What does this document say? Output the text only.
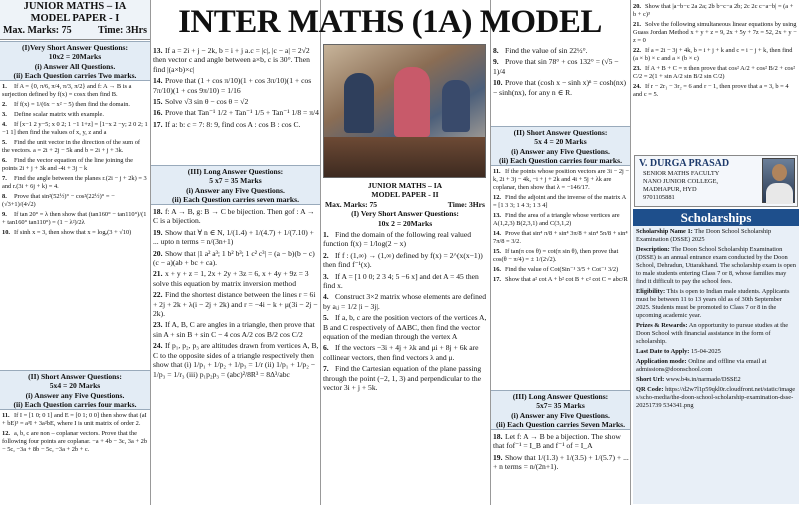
JUNIOR MATHS – IA
MODEL PAPER - I
Max. Marks: 75	Time: 3Hrs
(I)Very Short Answer Questions:
10x2 = 20Marks
(i) Answer All Questions.
(ii) Each Question carries Two marks.
1. If A = {0, π/6, π/4, π/3, π/2} and f: A → B is a surjection defined by f(x) = cosx then find B.
2. If f(x) = 1/(6x − x² − 5) then find the domain.
3. Define scalar matrix with example.
4. If [x−1 2 y−5; x 0 2; 1 −1 1+z] = [1−x 2 −y; 2 0 2; 1 −1 1] then find the values of x, y, z and a
5. Find the unit vector in the direction of the sum of the vectors. a = 2i + 2j − 5k and b = 2i + j + 3k.
6. Find the vector equation of the line joining the points 2i + j + 3k and -4i + 3j − k
7. Find the angle between the planes r.(2i − j + 2k) = 3 and r.(3i + 6j + k) = 4.
8. Prove that sin²(52½)° − cos²(22½)° = −(√3+1)/(4√2)
9. If tan 20° = λ then show that (tan160° − tan110°)/(1 + tan160° tan110°) = (1 − λ²)/2λ
10. If sinh x = 3, then show that x = logₑ(3 + √10)
(II) Short Answer Questions:
5x4 = 20 Marks
(i) Answer any Five Questions.
(ii) Each Question carries four marks.
11. If I = [1 0; 0 1] and E = [0 1; 0 0] then show that (aI + bE)³ = a³I + 3a²bE, where I is unit matrix of order 2.
12. a, b, c are non – coplanar vectors. Prove that the following four points are coplanar. −a + 4b − 3c, 3a + 2b − 5c, −3a + 8b − 5c, −3a + 2b + c.
INTER MATHS (1A) MODEL
13. If a = 2i + j − 2k, b = i + j a.c = |c|, |c − a| = 2√2 then vector c and angle between a×b, c is 30°. Then find |(a×b)×c|
14. Prove that (1 + cos π/10)(1 + cos 3π/10)(1 + cos 7π/10)(1 + cos 9π/10) = 1/16
15. Solve √3 sin θ − cos θ = √2
16. Prove that Tan⁻¹ 1/2 + Tan⁻¹ 1/5 + Tan⁻¹ 1/8 = π/4
17. If a: b: c = 7: 8: 9, find cos A : cos B : cos C.
(III) Long Answer Questions:
5 x7 = 35 Marks
(i) Answer any Five Questions.
(ii) Each Question carries seven marks.
18. f: A → B, g: B → C be bijection. Then gof : A → C is a bijection.
19. Show that ∀ n ∈ N, 1/(1.4) + 1/(4.7) + 1/(7.10) + ... upto n terms = n/(3n+1)
20. Show that |1 a² a³; 1 b² b³; 1 c² c³| = (a − b)(b − c)(c − a)(ab + bc + ca).
21. x + y + z = 1, 2x + 2y + 3z = 6, x + 4y + 9z = 3 solve this equation by matrix inversion method
22. Find the shortest distance between the lines r = 6i + 2j + 2k + λ(i − 2j + 2k) and r = −4i − k + μ(3i − 2j − 2k).
23. If A, B, C are angles in a triangle, then prove that sin A + sin B + sin C − 4 cos A/2 cos B/2 cos C/2
24. If p₁, p₂, p₃ are altitudes drawn from vertices A, B, C to the opposite sides of a triangle respectively then show that (i) 1/p₁ + 1/p₂ + 1/p₃ = 1/r (ii) 1/p₁ + 1/p₂ − 1/p₃ = 1/r₃ (iii) p₁p₂p₃ = (abc)²/8R³ = 8Δ³/abc
JUNIOR MATHS – IA
MODEL PAPER - II
Max. Marks: 75	Time: 3Hrs
(I) Very Short Answer Questions:
10x 2 = 20Marks
1. Find the domain of the following real valued function f(x) = 1/log(2 − x)
2. If f : (1,∞) → (1,∞) defined by f(x) = 2^(x(x−1)) then find f⁻¹(x).
3. If A = [1 0 0; 2 3 4; 5 −6 x] and det A = 45 then find x.
4. Construct 3×2 matrix whose elements are defined by aᵢⱼ = 1/2 |i − 3j|.
5. If a, b, c are the position vectors of the vertices A, B and C respectively of ΔABC, then find the vector equation of the median through the vertex A
6. If the vectors −3i + 4j + λk and μi + 8j + 6k are collinear vectors, then find vectors λ and μ.
7. Find the Cartesian equation of the plane passing through the point (−2, 1, 3) and perpendicular to the vector 3i + j + 5k.
8. Find the value of sin 22½°.
9. Prove that sin 78° + cos 132° = (√5 − 1)/4
10. Prove that (cosh x − sinh x)ⁿ = cosh(nx) − sinh(nx), for any n ∈ R.
(II) Short Answer Questions:
5x 4 = 20 Marks
(i) Answer any Five Questions.
(ii) Each Question carries four marks.
11. If the points whose position vectors are 3i − 2j − k, 2i + 3j − 4k, −i + j + 2k and 4i + 5j + λk are coplanar, then show that λ = −146/17.
12. Find the adjoint and the inverse of the matrix A = [1 3 3; 1 4 3; 1 3 4]
13. Find the area of a triangle whose vertices are A(1,2,3) B(2,3,1) and C(3,1,2)
14. Prove that sin⁴ π/8 + sin⁴ 3π/8 + sin⁴ 5π/8 + sin⁴ 7π/8 = 3/2.
15. If tan(π cos θ) = cot(π sin θ), then prove that cos(θ − π/4) = ± 1/(2√2).
16. Find the value of Cot(Sin⁻¹ 3/5 + Cot⁻¹ 3/2)
17. Show that a² cot A + b² cot B + c² cot C = abc/R
(III) Long Answer Questions:
5x7= 35 Marks
(i) Answer any Five Questions.
(ii) Each Question carries Seven Marks.
18. Let f: A → B be a bijection. The show that fof⁻¹ = I_B and f⁻¹ of = I_A
19. Show that 1/(1.3) + 1/(3.5) + 1/(5.7) + ... + n terms = n/(2n+1).
20. Show that |a−b−c 2a 2a; 2b b−c−a 2b; 2c 2c c−a−b| = (a + b + c)³
21. Solve the following simultaneous linear equations by using Guass Jordan Method x + y + z = 9, 2x + 5y + 7z = 52, 2x + y − z = 0
22. If a = 2i − 3j + 4k, b = i + j + k and c = i − j + k, then find (a × b) × c and a × (b × c)
23. If A + B + C = π then prove that cos² A/2 + cos² B/2 + cos² C/2 = 2(1 + sin A/2 sin B/2 sin C/2)
24. If r − 2r₁ − 3r₂ = 6 and r − 1, then prove that a = 3, b = 4 and c = 5.
V. DURGA PRASAD
SENIOR MATHS FACULTY
NANO JUNIOR COLLEGE,
MADHAPUR, HYD
9701105881
Scholarships
Scholarship Name 1: The Doon School Scholarship Examination (DSSE) 2025
Description: The Doon School Scholarship Examination (DSSE) is an annual entrance exam conducted by the Doon School, Dehradun, Uttarakhand. The scholarship exam is open to male students entering Class 7 or 8, whose families may find it difficult to pay the school fees.
Eligibility: This is open to Indian male students. Applicants must be between 11 to 13 years old as of 30th September 2025. Students must be promoted to Class 7 or 8 in the upcoming academic year.
Prizes & Rewards: An opportunity to pursue studies at the Doon School with financial assistance in the form of scholarship.
Last Date to Apply: 15-04-2025
Application mode: Online and offline via email at admissions@doonschool.com
Short Url: www.b4s.in/narmade/DSSE2
QR Code: https://d2w7l1p59qkl0r.cloudfront.net/static/images/scho-media/the-doon-school-scholarship-examination-dsse-20251739 534341.png
